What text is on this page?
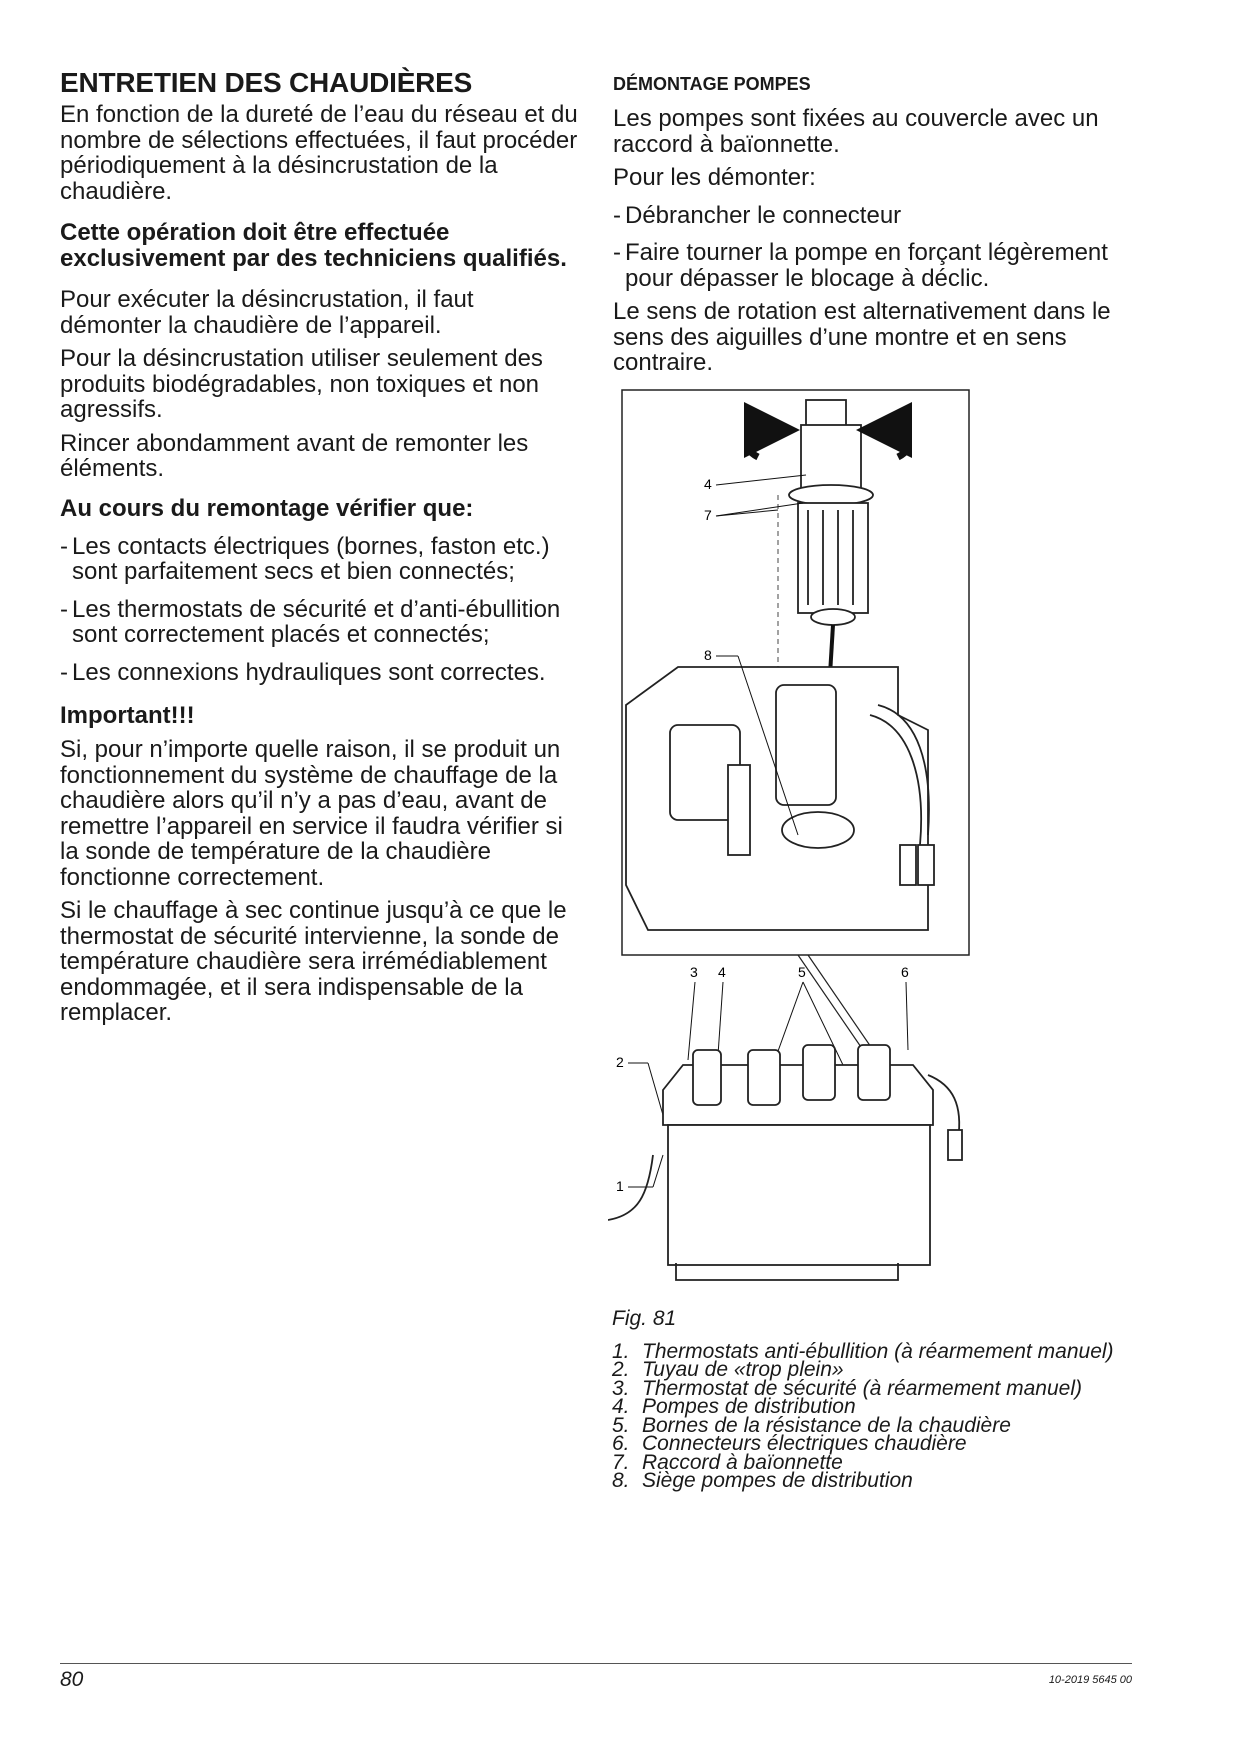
ENTRETIEN DES CHAUDIÈRES

En fonction de la dureté de l’eau du réseau et du nombre de sélections effectuées, il faut procéder périodiquement à la désincrustation de la chaudière.

Cette opération doit être effectuée exclusivement par des techniciens qualifiés.

Pour exécuter la désincrustation, il faut démonter la chaudière de l’appareil.

Pour la désincrustation utiliser seulement des produits biodégradables, non toxiques et non agressifs.

Rincer abondamment avant de remonter les éléments.

Au cours du remontage vérifier que:
- Les contacts électriques (bornes, faston etc.) sont parfaitement secs et bien connectés;
- Les thermostats de sécurité et d’anti-ébullition sont correctement placés et connectés;
- Les connexions hydrauliques sont correctes.
Important!!!

Si, pour n’importe quelle raison, il se produit un fonctionnement du système de chauffage de la chaudière alors qu’il n’y a pas d’eau, avant de remettre l’appareil en service il faudra vérifier si la sonde de température de la chaudière fonctionne correctement.

Si le chauffage à sec continue jusqu’à ce que le thermostat de sécurité intervienne, la sonde de température chaudière sera irrémédiablement endommagée, et il sera indispensable de la remplacer.

DÉMONTAGE POMPES

Les pompes sont fixées au couvercle avec un raccord à baïonnette.

Pour les démonter:

- Débrancher le connecteur
- Faire tourner la pompe en forçant légèrement pour dépasser le blocage à déclic.

Le sens de rotation est alternativement dans le sens des aiguilles d’une montre et en sens contraire.

4
7
8
3 4	5	6
2
1
Fig. 81
1. Thermostats anti-ébullition (à réarmement manuel)
2. Tuyau de «trop plein»
3. Thermostat de sécurité (à réarmement manuel)
4. Pompes de distribution
5. Bornes de la résistance de la chaudière
6. Connecteurs électriques chaudière
7. Raccord à baïonnette
8. Siège pompes de distribution
80	10-2019 5645 00
